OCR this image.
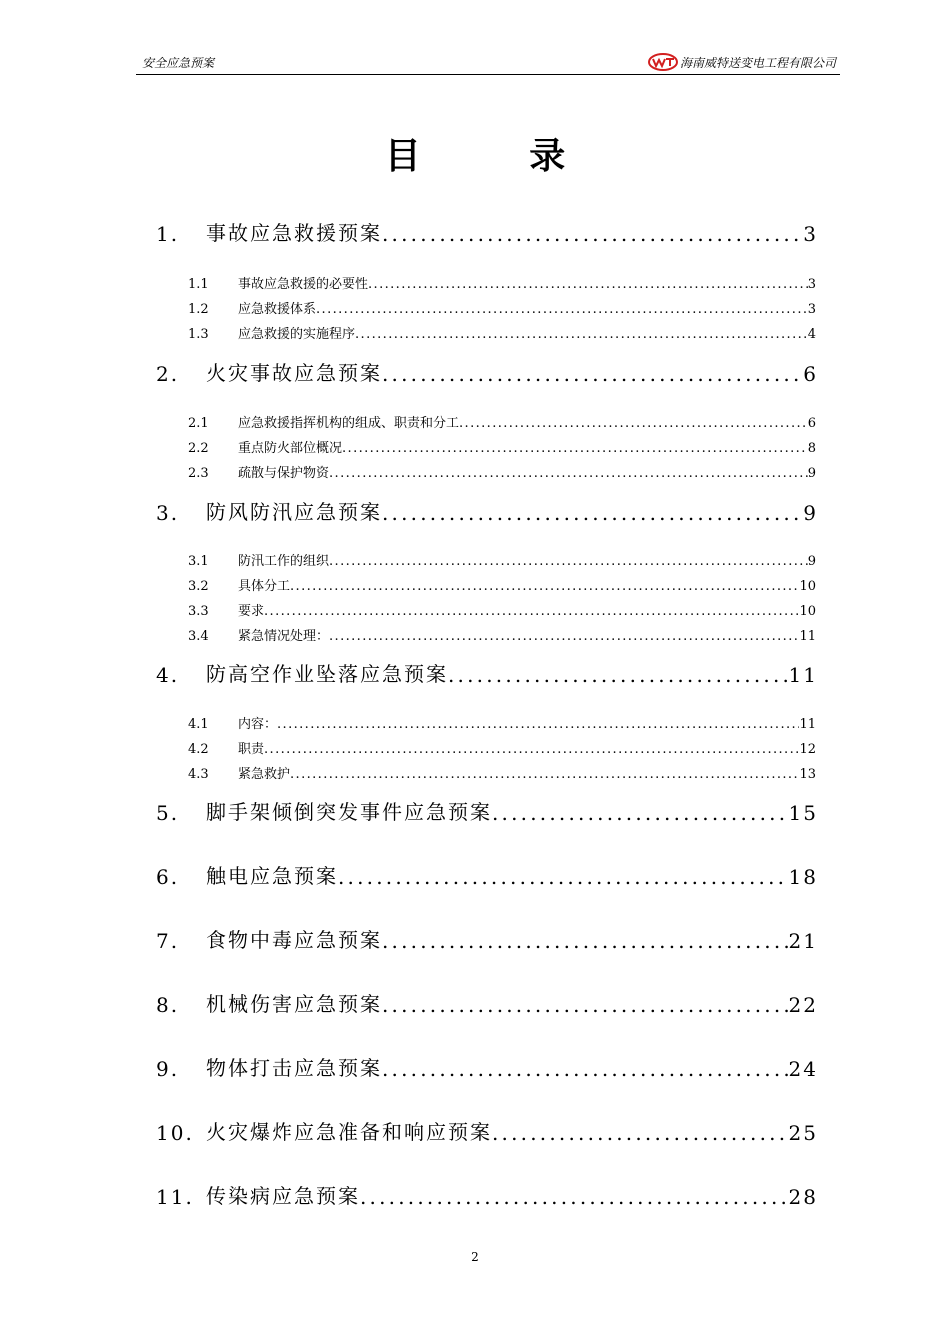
安全应急预案	海南威特送变电工程有限公司
目 录
1.	事故应急救援预案 .....	3
1.1	事故应急救援的必要性 .....	3
1.2	应急救援体系 .....	3
1.3	应急救援的实施程序 .....	4
2.	火灾事故应急预案 .....	6
2.1	应急救援指挥机构的组成、职责和分工 .....	6
2.2	重点防火部位概况 .....	8
2.3	疏散与保护物资 .....	9
3.	防风防汛应急预案 .....	9
3.1	防汛工作的组织 .....	9
3.2	具体分工 .....	10
3.3	要求 .....	10
3.4	紧急情况处理： .....	11
4.	防高空作业坠落应急预案 .....	11
4.1	内容： .....	11
4.2	职责 .....	12
4.3	紧急救护 .....	13
5.	脚手架倾倒突发事件应急预案 .....	15
6.	触电应急预案 .....	18
7.	食物中毒应急预案 .....	21
8.	机械伤害应急预案 .....	22
9.	物体打击应急预案 .....	24
10. 火灾爆炸应急准备和响应预案 .....	25
11. 传染病应急预案 .....	28
2
